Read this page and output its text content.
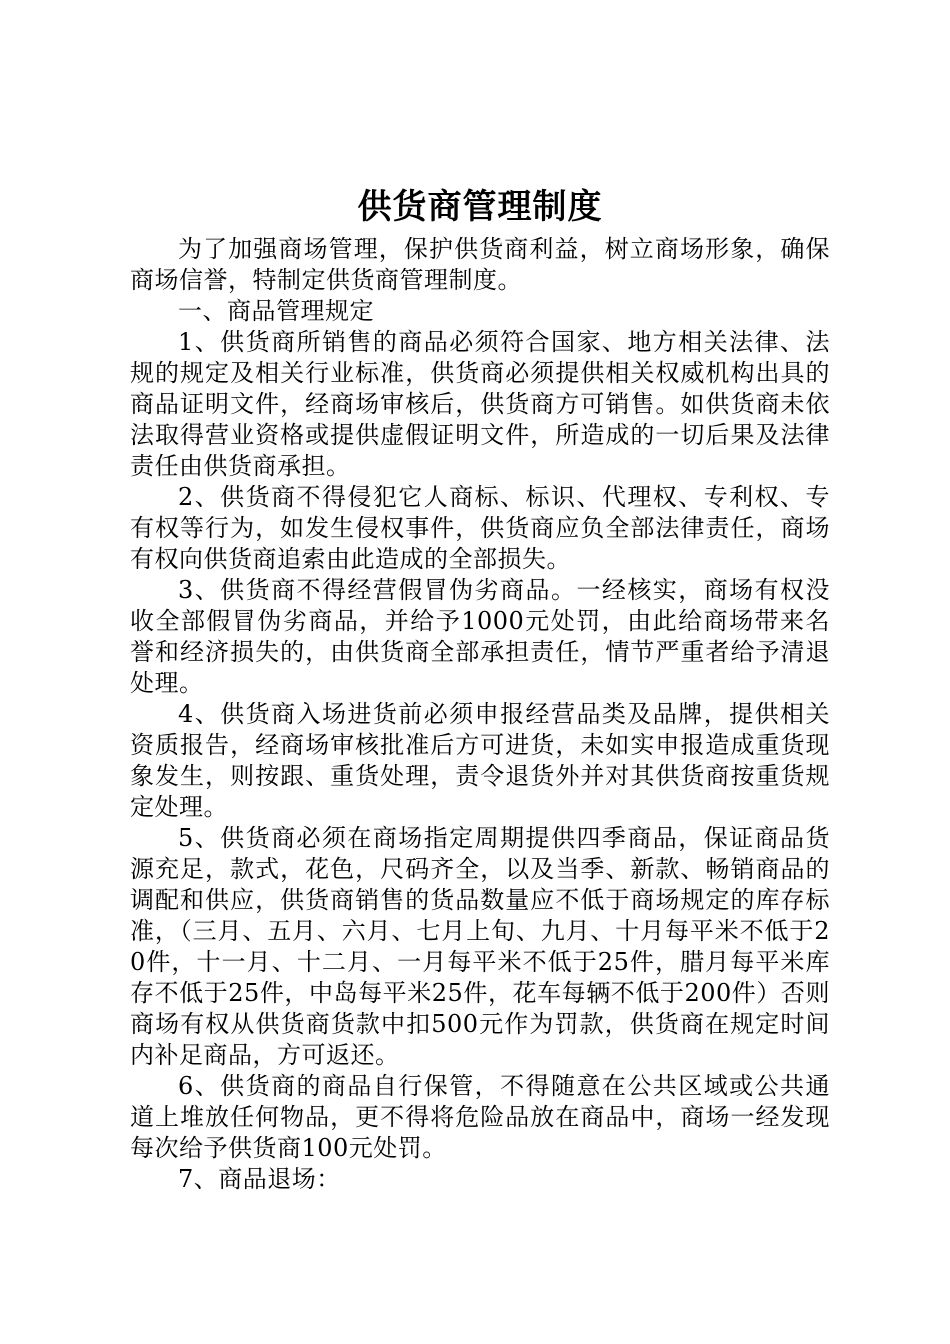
供货商管理制度

为了加强商场管理，保护供货商利益，树立商场形象，确保商场信誉，特制定供货商管理制度。

一、商品管理规定

1、供货商所销售的商品必须符合国家、地方相关法律、法规的规定及相关行业标准，供货商必须提供相关权威机构出具的商品证明文件，经商场审核后，供货商方可销售。如供货商未依法取得营业资格或提供虚假证明文件，所造成的一切后果及法律责任由供货商承担。

2、供货商不得侵犯它人商标、标识、代理权、专利权、专有权等行为，如发生侵权事件，供货商应负全部法律责任，商场有权向供货商追索由此造成的全部损失。

3、供货商不得经营假冒伪劣商品。一经核实，商场有权没收全部假冒伪劣商品，并给予1000元处罚，由此给商场带来名誉和经济损失的，由供货商全部承担责任，情节严重者给予清退处理。

4、供货商入场进货前必须申报经营品类及品牌，提供相关资质报告，经商场审核批准后方可进货，未如实申报造成重货现象发生，则按跟、重货处理，责令退货外并对其供货商按重货规定处理。

5、供货商必须在商场指定周期提供四季商品，保证商品货源充足，款式，花色，尺码齐全，以及当季、新款、畅销商品的调配和供应，供货商销售的货品数量应不低于商场规定的库存标准，（三月、五月、六月、七月上旬、九月、十月每平米不低于20件，十一月、十二月、一月每平米不低于25件，腊月每平米库存不低于25件，中岛每平米25件，花车每辆不低于200件）否则商场有权从供货商货款中扣500元作为罚款，供货商在规定时间内补足商品，方可返还。

6、供货商的商品自行保管，不得随意在公共区域或公共通道上堆放任何物品，更不得将危险品放在商品中，商场一经发现每次给予供货商100元处罚。

7、商品退场：
